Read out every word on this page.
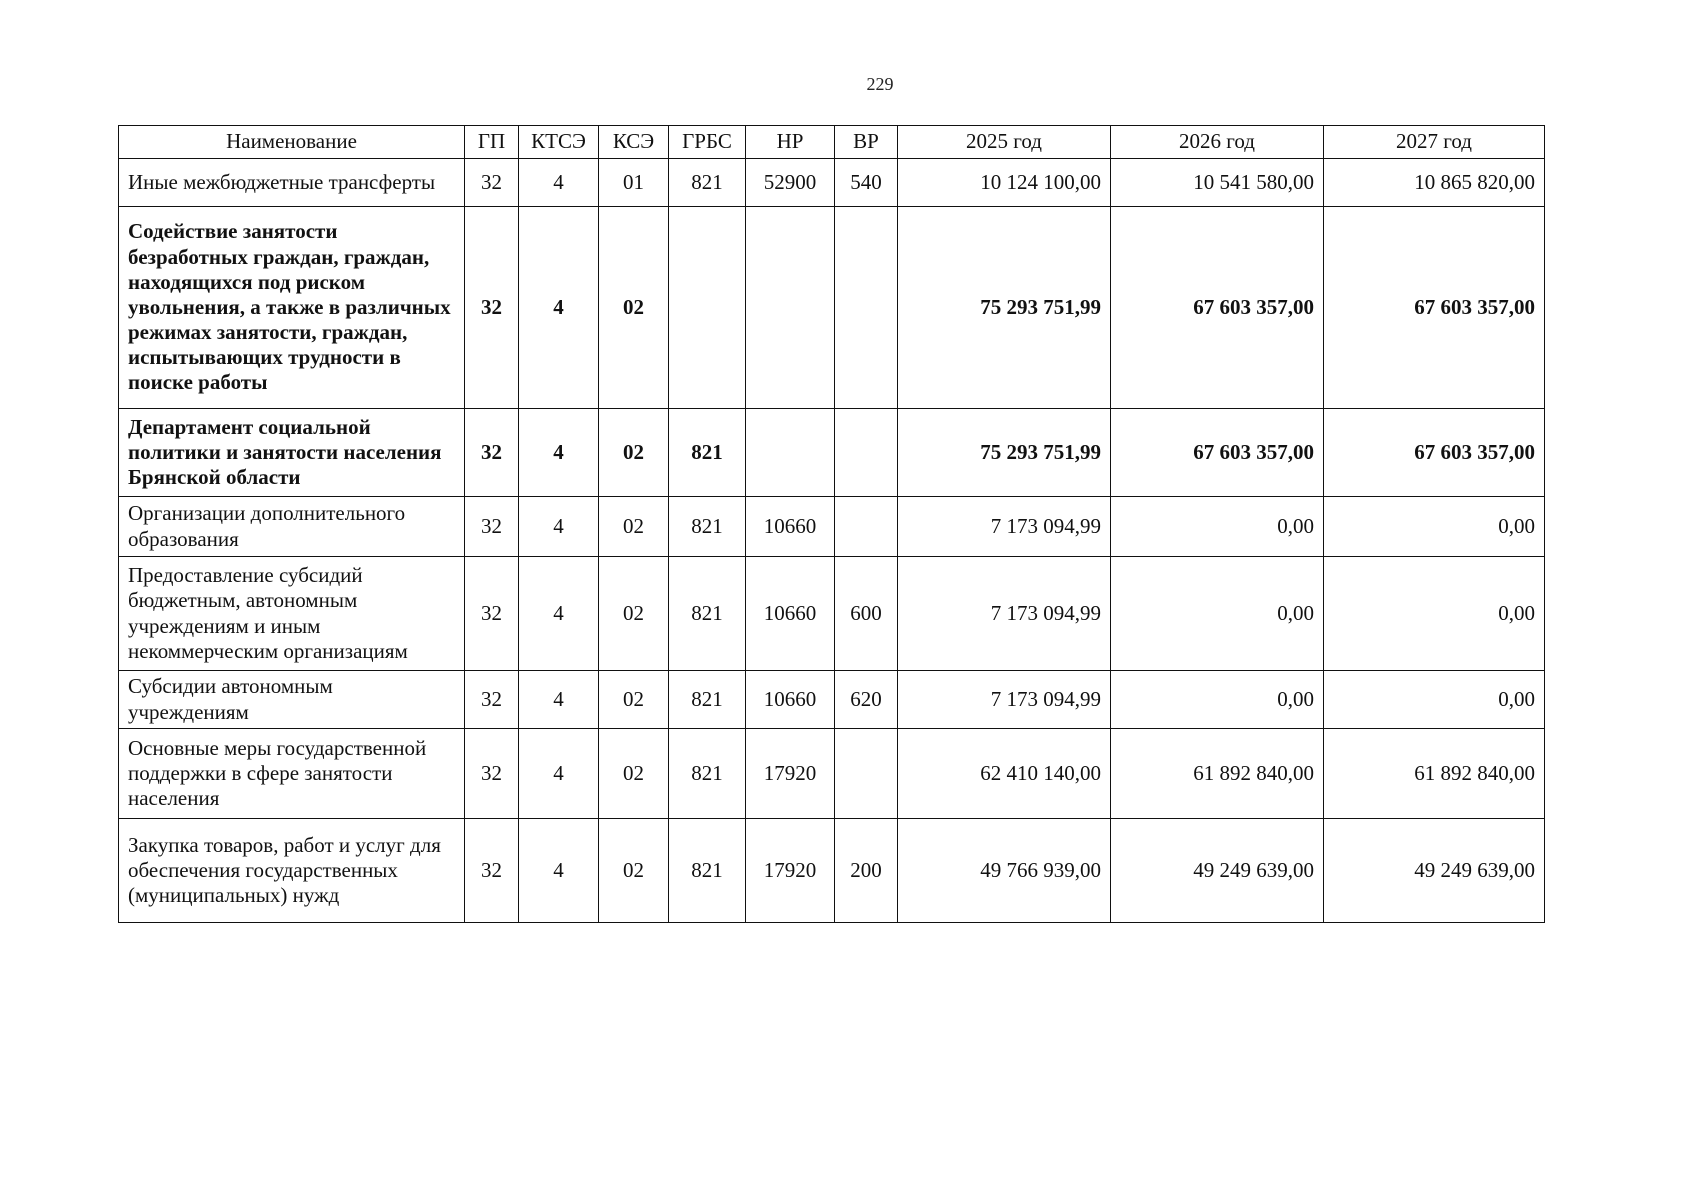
229
Наименование	ГП	КТСЭ	КСЭ	ГРБС	НР	ВР	2025 год	2026 год	2027 год
Иные межбюджетные трансферты	32	4	01	821	52900	540	10 124 100,00	10 541 580,00	10 865 820,00
Содействие занятости безработных граждан, граждан, находящихся под риском увольнения, а также в различных режимах занятости, граждан, испытывающих трудности в поиске работы	32	4	02				75 293 751,99	67 603 357,00	67 603 357,00
Департамент социальной политики и занятости населения Брянской области	32	4	02	821			75 293 751,99	67 603 357,00	67 603 357,00
Организации дополнительного образования	32	4	02	821	10660		7 173 094,99	0,00	0,00
Предоставление субсидий бюджетным, автономным учреждениям и иным некоммерческим организациям	32	4	02	821	10660	600	7 173 094,99	0,00	0,00
Субсидии автономным учреждениям	32	4	02	821	10660	620	7 173 094,99	0,00	0,00
Основные меры государственной поддержки в сфере занятости населения	32	4	02	821	17920		62 410 140,00	61 892 840,00	61 892 840,00
Закупка товаров, работ и услуг для обеспечения государственных (муниципальных) нужд	32	4	02	821	17920	200	49 766 939,00	49 249 639,00	49 249 639,00
